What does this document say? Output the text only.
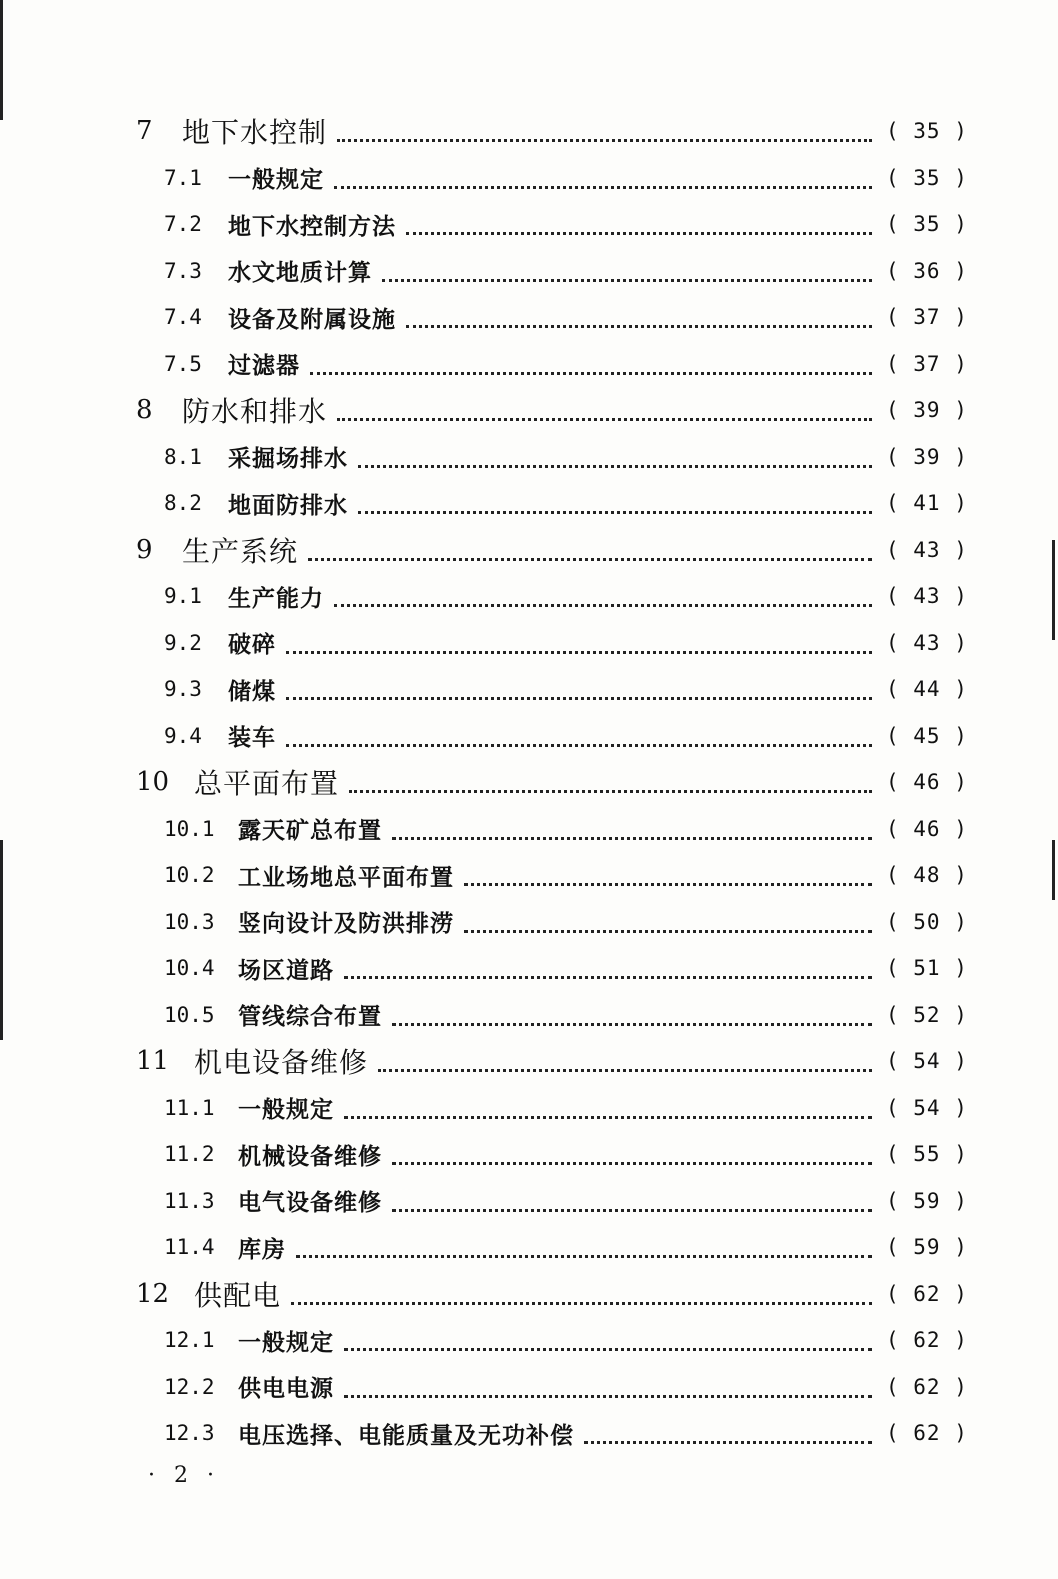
7 地下水控制	( 35 )
7.1 一般规定	( 35 )
7.2 地下水控制方法	( 35 )
7.3 水文地质计算	( 36 )
7.4 设备及附属设施	( 37 )
7.5 过滤器	( 37 )
8 防水和排水	( 39 )
8.1 采掘场排水	( 39 )
8.2 地面防排水	( 41 )
9 生产系统	( 43 )
9.1 生产能力	( 43 )
9.2 破碎	( 43 )
9.3 储煤	( 44 )
9.4 装车	( 45 )
10 总平面布置	( 46 )
10.1 露天矿总布置	( 46 )
10.2 工业场地总平面布置	( 48 )
10.3 竖向设计及防洪排涝	( 50 )
10.4 场区道路	( 51 )
10.5 管线综合布置	( 52 )
11 机电设备维修	( 54 )
11.1 一般规定	( 54 )
11.2 机械设备维修	( 55 )
11.3 电气设备维修	( 59 )
11.4 库房	( 59 )
12 供配电	( 62 )
12.1 一般规定	( 62 )
12.2 供电电源	( 62 )
12.3 电压选择、电能质量及无功补偿	( 62 )
· 2 ·
